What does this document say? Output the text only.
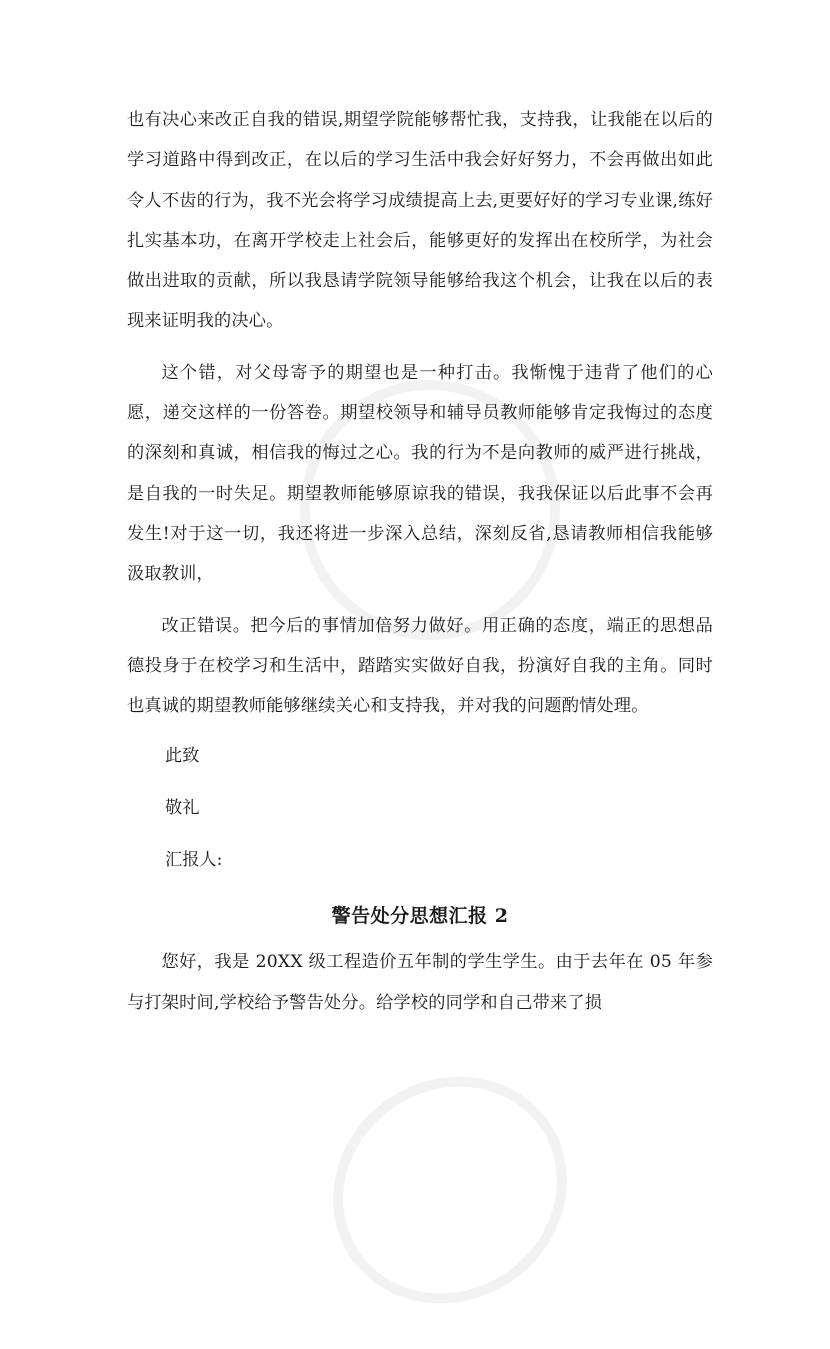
也有决心来改正自我的错误,期望学院能够帮忙我，支持我，让我能在以后的学习道路中得到改正，在以后的学习生活中我会好好努力，不会再做出如此令人不齿的行为，我不光会将学习成绩提高上去,更要好好的学习专业课,练好扎实基本功，在离开学校走上社会后，能够更好的发挥出在校所学，为社会做出进取的贡献，所以我恳请学院领导能够给我这个机会，让我在以后的表现来证明我的决心。

这个错，对父母寄予的期望也是一种打击。我惭愧于违背了他们的心愿，递交这样的一份答卷。期望校领导和辅导员教师能够肯定我悔过的态度的深刻和真诚，相信我的悔过之心。我的行为不是向教师的威严进行挑战，是自我的一时失足。期望教师能够原谅我的错误，我我保证以后此事不会再发生!对于这一切，我还将进一步深入总结，深刻反省,恳请教师相信我能够汲取教训，

改正错误。把今后的事情加倍努力做好。用正确的态度，端正的思想品德投身于在校学习和生活中，踏踏实实做好自我，扮演好自我的主角。同时也真诚的期望教师能够继续关心和支持我，并对我的问题酌情处理。

此致

敬礼

汇报人:

警告处分思想汇报 2

您好，我是 20XX 级工程造价五年制的学生学生。由于去年在 05 年参与打架时间,学校给予警告处分。给学校的同学和自己带来了损
